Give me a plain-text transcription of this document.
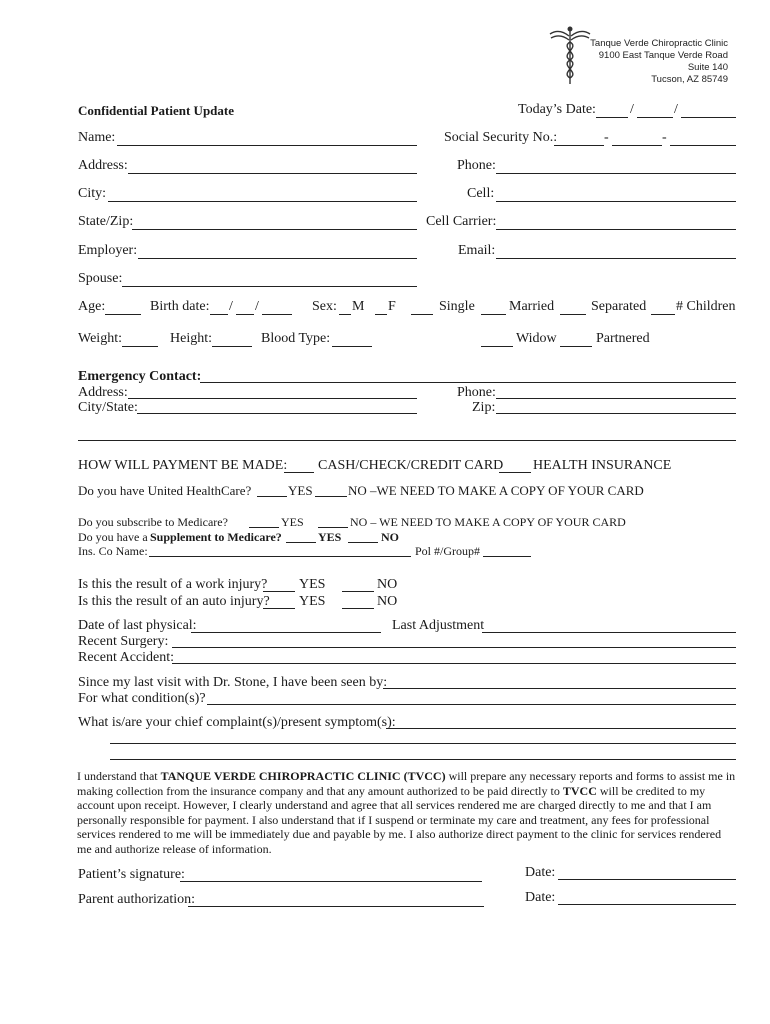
Tanque Verde Chiropractic Clinic
9100 East Tanque Verde Road
Suite 140
Tucson, AZ 85749
Confidential Patient Update	Today’s Date: /	/
Name:	Social Security No.:	-	-
Address:	Phone:
City:	Cell:
State/Zip:	Cell Carrier:
Employer:	Email:
Spouse:
Age:	Birth date: / /	Sex: M F	Single Married	Separated # Children
Weight:	Height:	Blood Type:	Widow	Partnered
Emergency Contact:
Address:	Phone:
City/State:	Zip:
HOW WILL PAYMENT BE MADE: CASH/CHECK/CREDIT CARD HEALTH INSURANCE
Do you have United HealthCare?	YES	NO –WE NEED TO MAKE A COPY OF YOUR CARD
Do you subscribe to Medicare?	YES	NO – WE NEED TO MAKE A COPY OF YOUR CARD
Do you have a Supplement to Medicare?	YES	NO
Ins. Co Name:	Pol #/Group#
Is this the result of a work injury? YES	NO
Is this the result of an auto injury? YES	NO
Date of last physical:	Last Adjustment
Recent Surgery:
Recent Accident:
Since my last visit with Dr. Stone, I have been seen by:
For what condition(s)?
What is/are your chief complaint(s)/present symptom(s):
I understand that TANQUE VERDE CHIROPRACTIC CLINIC (TVCC) will prepare any necessary reports and forms to assist me in making collection from the insurance company and that any amount authorized to be paid directly to TVCC will be credited to my account upon receipt. However, I clearly understand and agree that all services rendered me are charged directly to me and that I am personally responsible for payment. I also understand that if I suspend or terminate my care and treatment, any fees for professional services rendered to me will be immediately due and payable by me. I also authorize direct payment to the clinic for services rendered me and authorize release of information.
Patient’s signature:	Date:
Parent authorization:	Date:
